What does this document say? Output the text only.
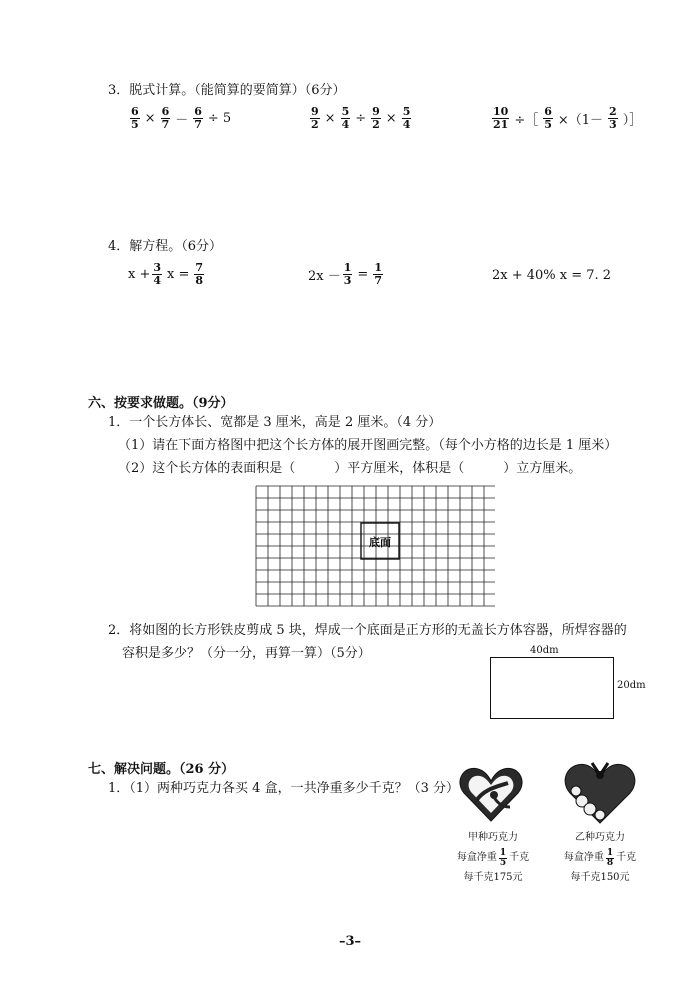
3．脱式计算。（能简算的要简算）（6分）
$\frac{6}{5} \times \frac{6}{7} - \frac{6}{7} \div 5$	$\frac{9}{2} \times \frac{5}{4} \div \frac{9}{2} \times \frac{5}{4}$	$\frac{10}{21}$ ÷［ $\frac{6}{5} \times(1- \frac{2}{3}$ ）］
4．解方程。（6分）
$x + \frac{3}{4}$ $x = \frac{7}{8}$	$2x - \frac{1}{3} = \frac{1}{7}$	2x + 40% x = 7. 2
六、按要求做题。（9分）
1．一个长方体长、宽都是 3 厘米，高是 2 厘米。（4 分）
（1）请在下面方格图中把这个长方体的展开图画完整。（每个小方格的边长是 1 厘米）
（2）这个长方体的表面积是（　　　）平方厘米，体积是（　　　）立方厘米。
底面
2．将如图的长方形铁皮剪成 5 块，焊成一个底面是正方形的无盖长方体容器，所焊容器的
容积是多少？（分一分，再算一算）（5分）	40dm
20dm
七、解决问题。（26 分）
1．（1）两种巧克力各买 4 盒，一共净重多少千克？（3 分）
甲种巧克力
每盒净重 $\frac{1}{5}$ 千克
每千克175元
乙种巧克力
每盒净重 $\frac{1}{8}$ 千克
每千克150元
–3–
